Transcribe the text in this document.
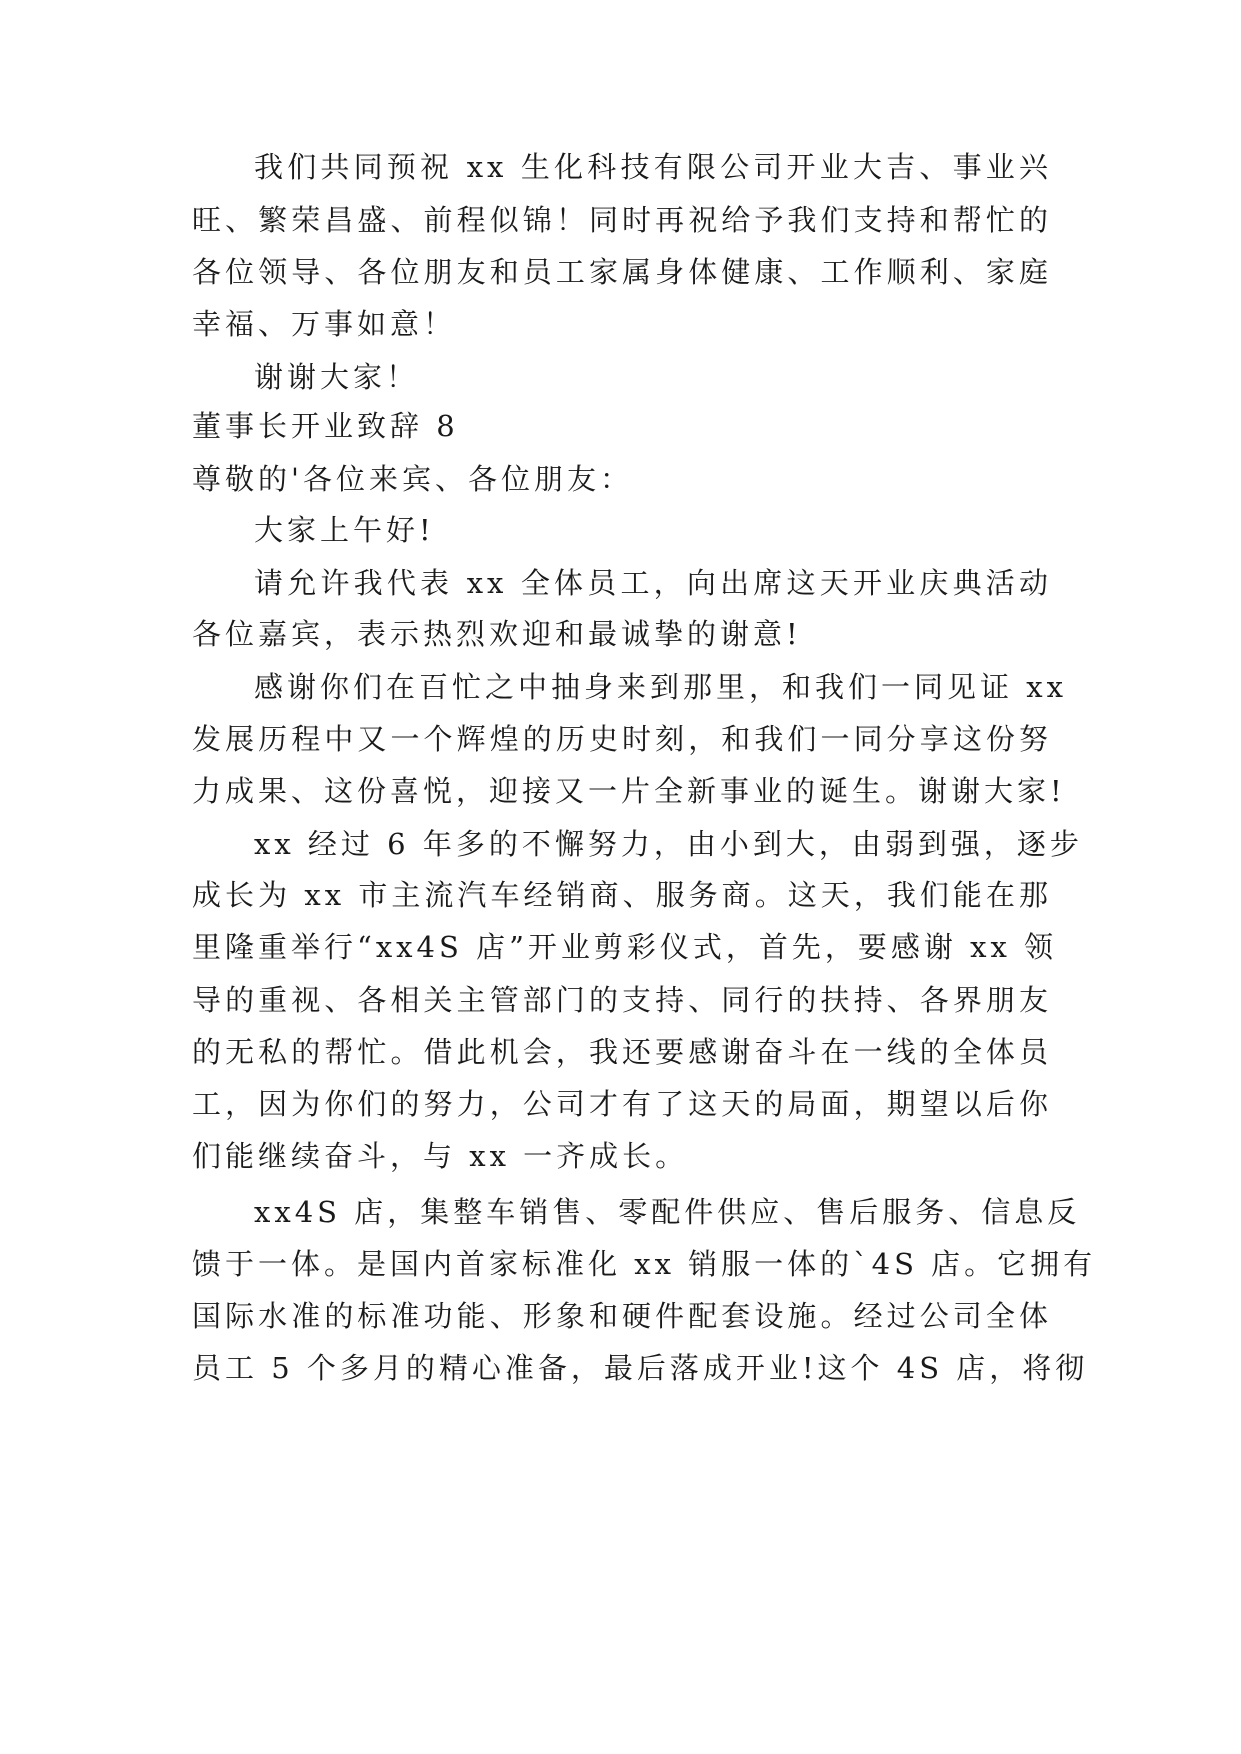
我们共同预祝 xx 生化科技有限公司开业大吉、事业兴
旺、繁荣昌盛、前程似锦！同时再祝给予我们支持和帮忙的
各位领导、各位朋友和员工家属身体健康、工作顺利、家庭
幸福、万事如意！
谢谢大家！
董事长开业致辞 8
尊敬的'各位来宾、各位朋友：
大家上午好!
请允许我代表 xx 全体员工，向出席这天开业庆典活动
各位嘉宾，表示热烈欢迎和最诚挚的谢意!
感谢你们在百忙之中抽身来到那里，和我们一同见证 xx
发展历程中又一个辉煌的历史时刻，和我们一同分享这份努
力成果、这份喜悦，迎接又一片全新事业的诞生。谢谢大家!
xx 经过 6 年多的不懈努力，由小到大，由弱到强，逐步
成长为 xx 市主流汽车经销商、服务商。这天，我们能在那
里隆重举行“xx4S 店”开业剪彩仪式，首先，要感谢 xx 领
导的重视、各相关主管部门的支持、同行的扶持、各界朋友
的无私的帮忙。借此机会，我还要感谢奋斗在一线的全体员
工，因为你们的努力，公司才有了这天的局面，期望以后你
们能继续奋斗，与 xx 一齐成长。
xx4S 店，集整车销售、零配件供应、售后服务、信息反
馈于一体。是国内首家标准化 xx 销服一体的`4S 店。它拥有
国际水准的标准功能、形象和硬件配套设施。经过公司全体
员工 5 个多月的精心准备，最后落成开业!这个 4S 店，将彻
